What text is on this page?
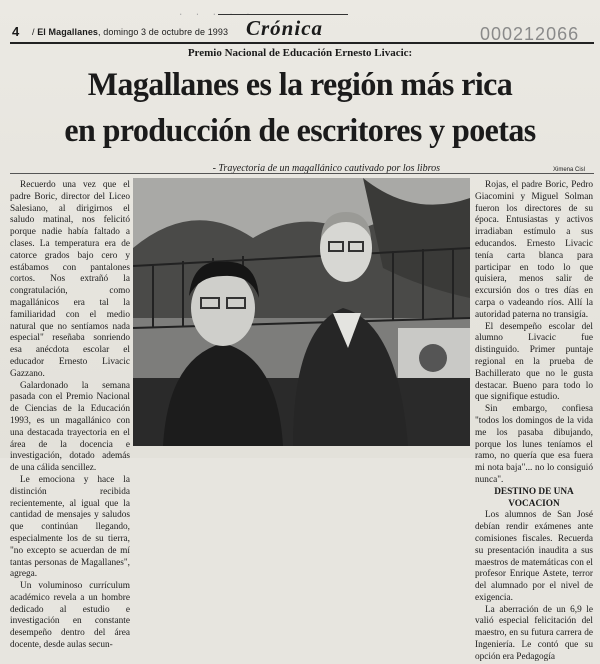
· · · · ·
4 / El Magallanes, domingo 3 de octubre de 1993 Crónica	000212066
Premio Nacional de Educación Ernesto Livacic:
Magallanes es la región más rica
en producción de escritores y poetas
- Trayectoria de un magallánico cautivado por los libros	Ximena Cisl

Recuerdo una vez que el padre Boric, director del Liceo Salesiano, al dirigirnos el saludo matinal, nos felicitó porque nadie había faltado a clases. La temperatura era de catorce grados bajo cero y estábamos con pantalones cortos. Nos extrañó la congratulación, como magallánicos era tal la familiaridad con el medio natural que no sentíamos nada especial" reseñaba sonriendo esa anécdota escolar el educador Ernesto Livacic Gazzano.

Galardonado la semana pasada con el Premio Nacional de Ciencias de la Educación 1993, es un magallánico con una destacada trayectoria en el área de la docencia e investigación, dotado además de una cálida sencillez.

Le emociona y hace la distinción recibida recientemente, al igual que la cantidad de mensajes y saludos que continúan llegando, especialmente los de su tierra, "no excepto se acuerdan de mí tantas personas de Magallanes", agrega.

Un voluminoso currículum académico revela a un hombre dedicado al estudio e investigación en constante desempeño dentro del área docente, desde aulas secun-

Rojas, el padre Boric, Pedro Giacomini y Miguel Solman fueron los directores de su época. Entusiastas y activos irradiaban estímulo a sus educandos. Ernesto Livacic tenía carta blanca para participar en todo lo que quisiera, menos salir de excursión dos o tres días en carpa o vadeando ríos. Allí la autoridad paterna no transigía.

El desempeño escolar del alumno Livacic fue distinguido. Primer puntaje regional en la prueba de Bachillerato que no le gusta destacar. Bueno para todo lo que signifique estudio.

Sin embargo, confiesa "todos los domingos de la vida me los pasaba dibujando, porque los lunes teníamos el ramo, no quería que esa fuera mi nota baja"... no lo consiguió nunca".

DESTINO DE UNA VOCACION

Los alumnos de San José debían rendir exámenes ante comisiones fiscales. Recuerda su presentación inaudita a sus maestros de matemáticas con el profesor Enrique Astete, terror del alumnado por el nivel de exigencia.

La aberración de un 6,9 le valió especial felicitación del maestro, en su futura carrera de Ingeniería. Le contó que su opción era Pedagogía
